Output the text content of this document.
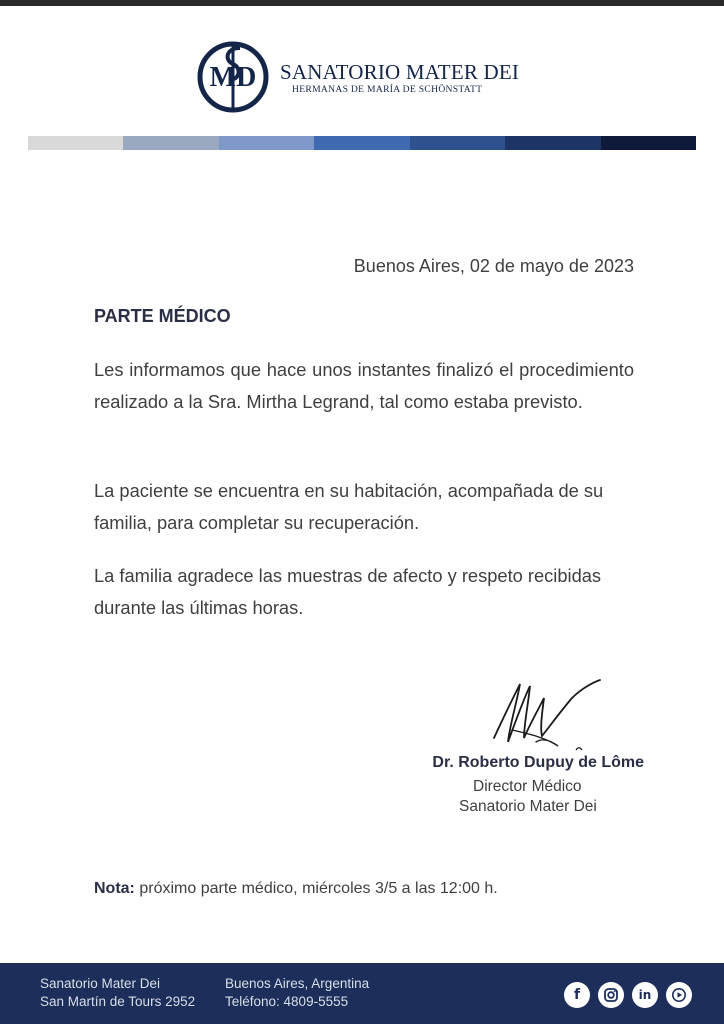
MD SANATORIO MATER DEI
HERMANAS DE MARÍA DE SCHÖNSTATT
Buenos Aires, 02 de mayo de 2023
PARTE MÉDICO

Les informamos que hace unos instantes finalizó el procedimiento realizado a la Sra. Mirtha Legrand, tal como estaba previsto.

La paciente se encuentra en su habitación, acompañada de su familia, para completar su recuperación.

La familia agradece las muestras de afecto y respeto recibidas durante las últimas horas.

Dr. Roberto Dupuy de Lôme
Director Médico
Sanatorio Mater Dei
Nota: próximo parte médico, miércoles 3/5 a las 12:00 h.
Sanatorio Mater Dei
San Martín de Tours 2952
Buenos Aires, Argentina
Teléfono: 4809-5555	f	in
